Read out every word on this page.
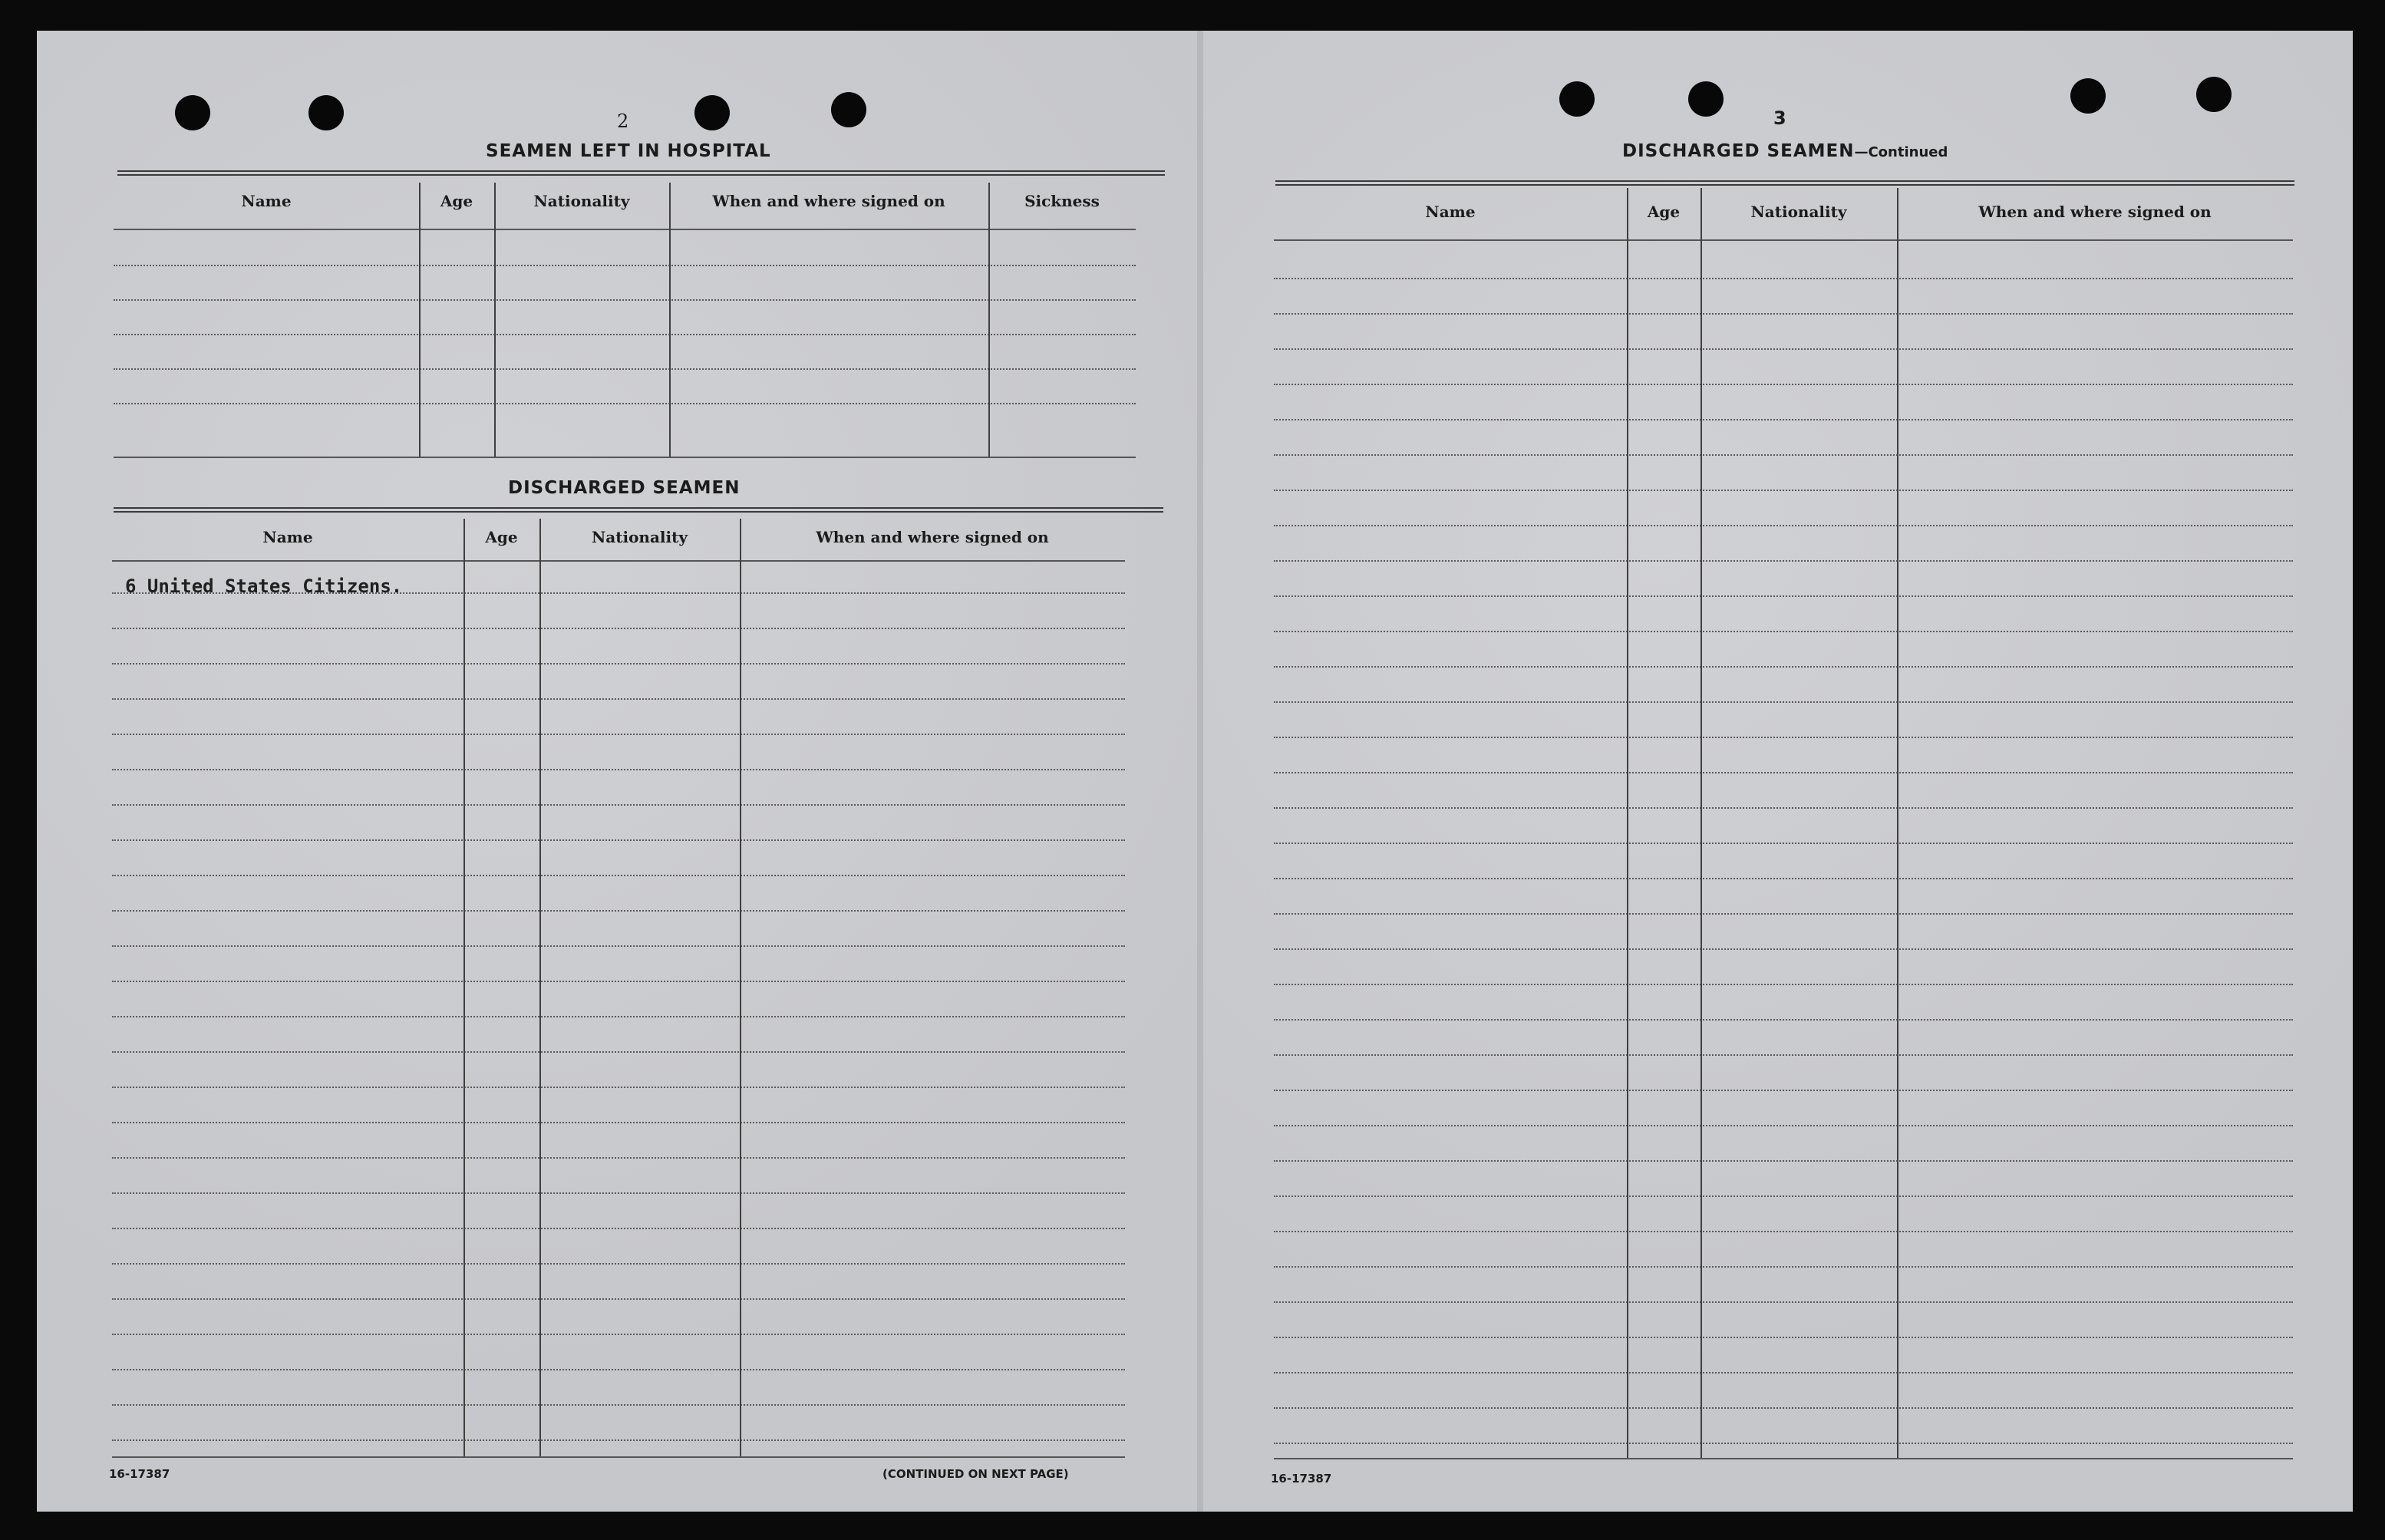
2
SEAMEN LEFT IN HOSPITAL
Name	Age	Nationality	When and where signed on	Sickness
DISCHARGED SEAMEN
Name	Age	Nationality	When and where signed on
6 United States Citizens.
16-17387	(CONTINUED ON NEXT PAGE)
3
DISCHARGED SEAMEN—Continued
Name	Age	Nationality	When and where signed on
16-17387
